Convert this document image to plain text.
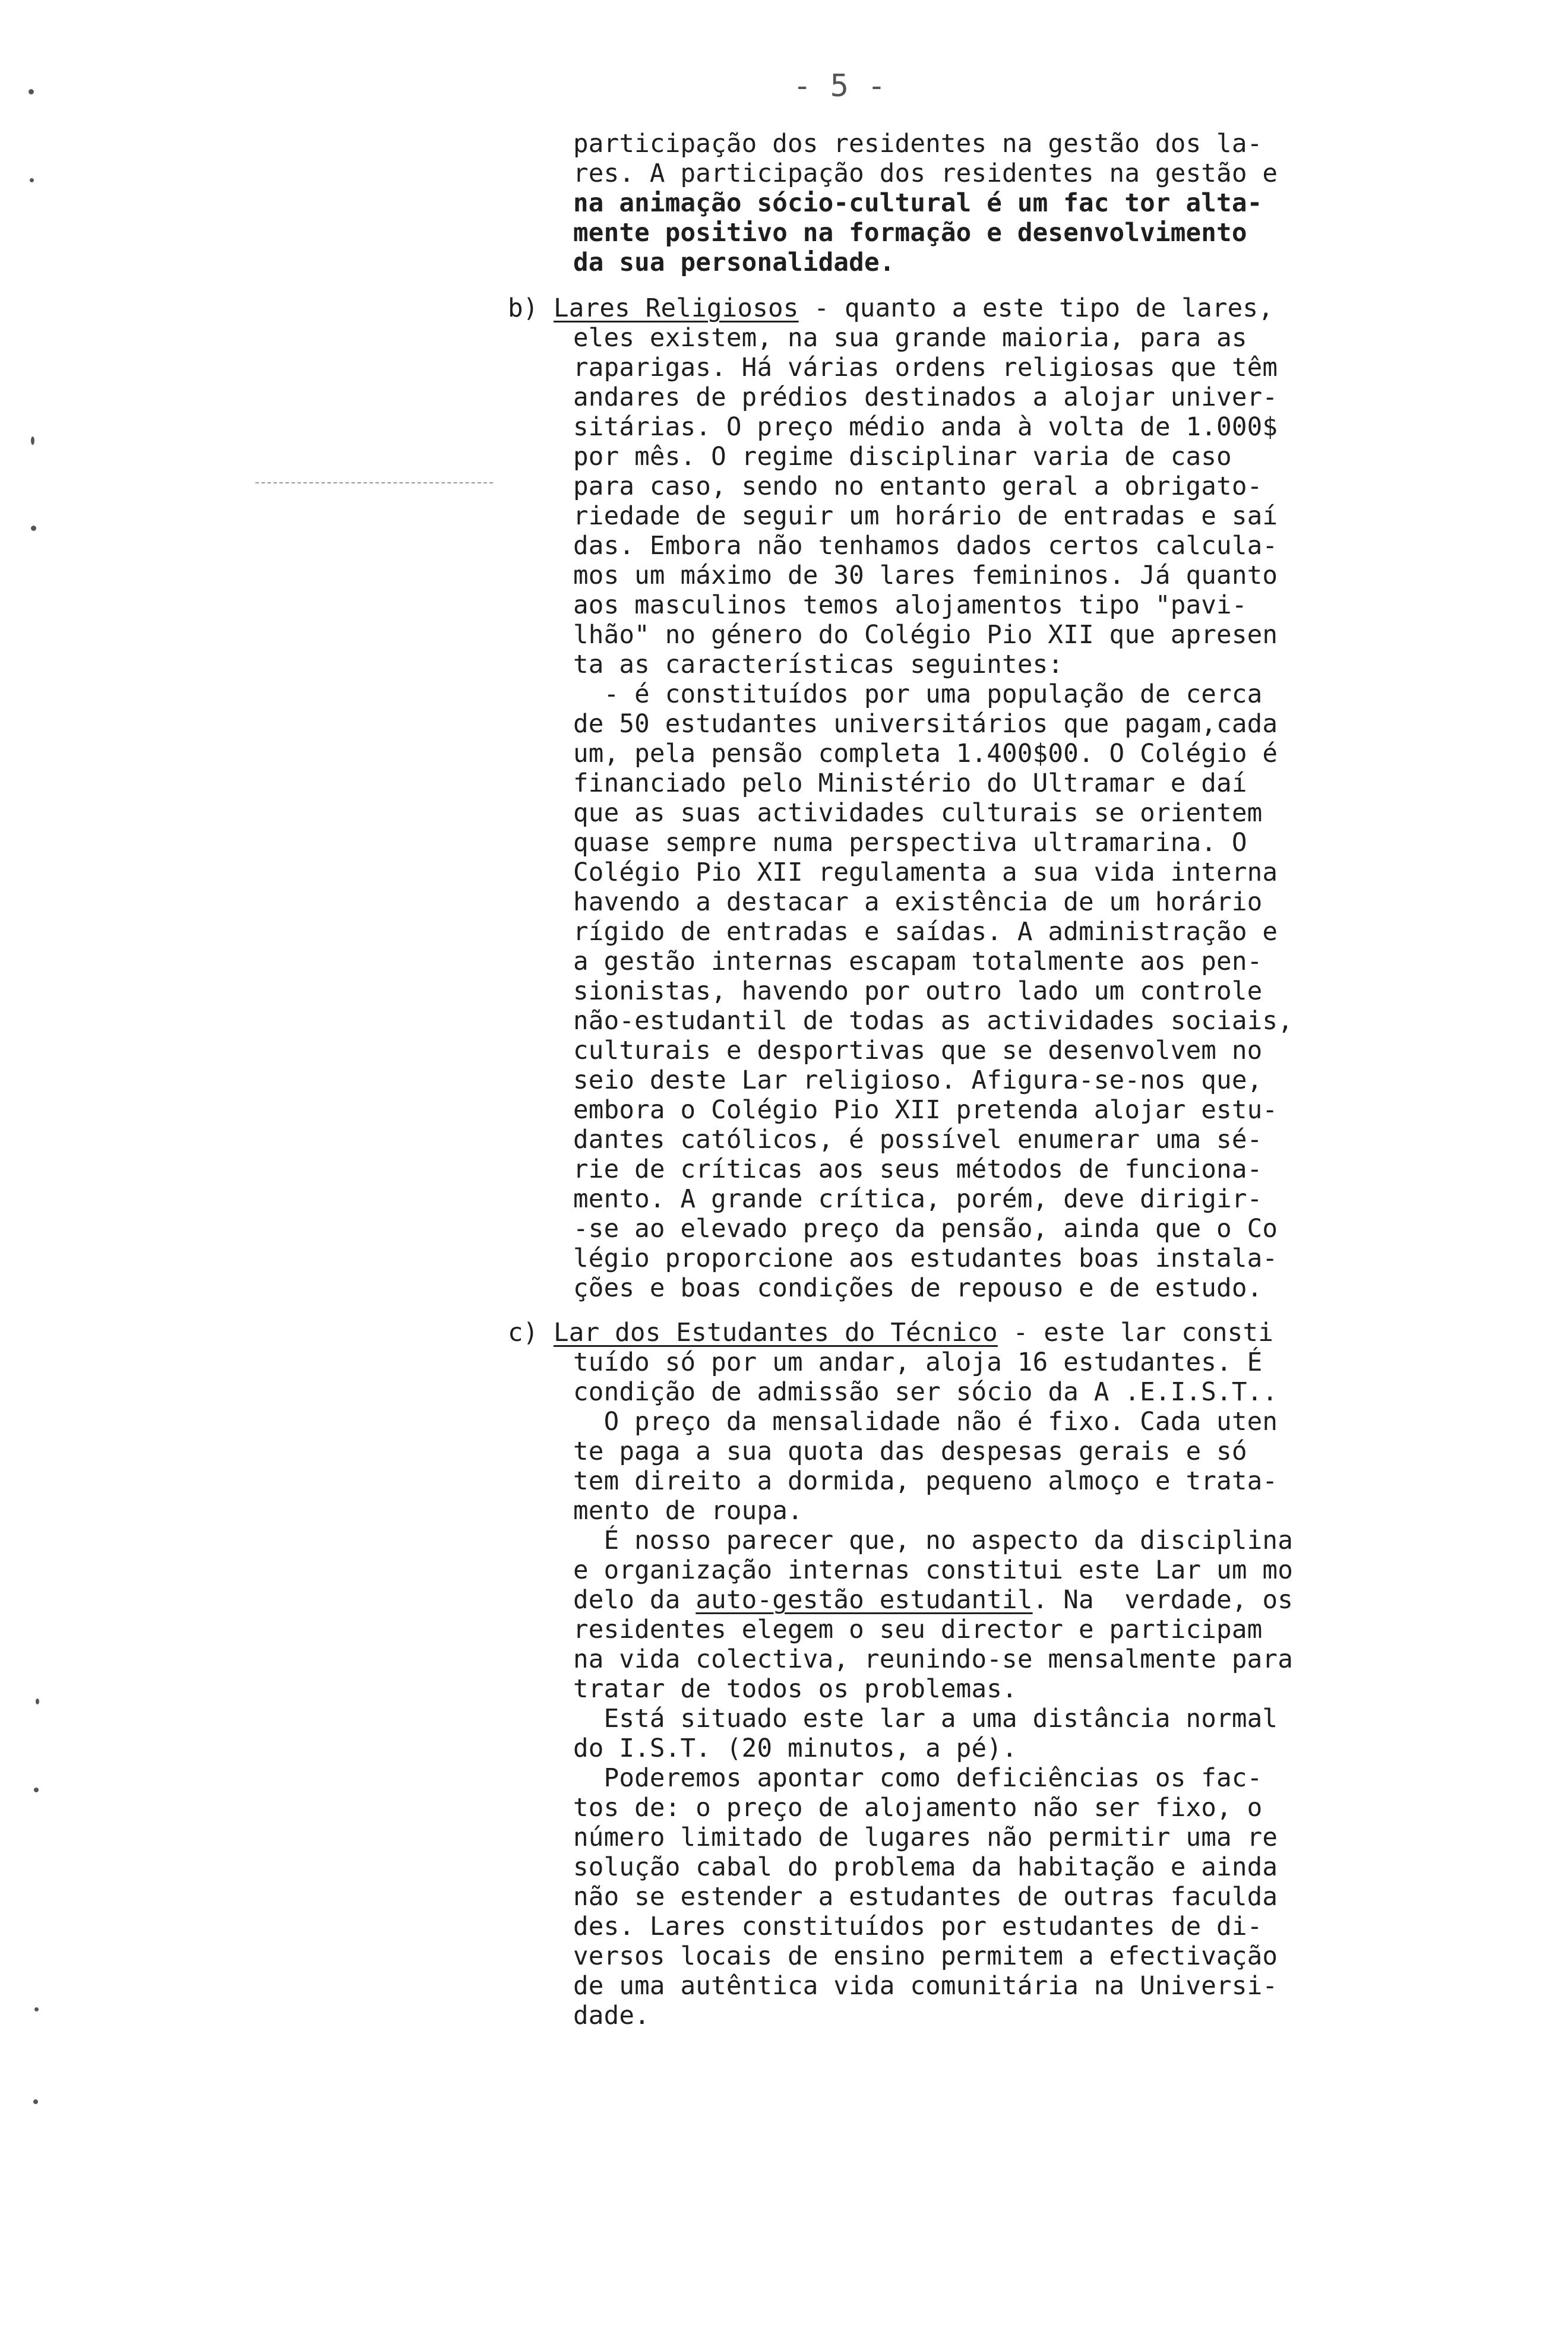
- 5 -
participação dos residentes na gestão dos la-
res. A participação dos residentes na gestão e
na animação sócio-cultural é um fac tor alta-
mente positivo na formação e desenvolvimento
da sua personalidade.
b) Lares Religiosos - quanto a este tipo de lares,
eles existem, na sua grande maioria, para as
raparigas. Há várias ordens religiosas que têm
andares de prédios destinados a alojar univer-
sitárias. O preço médio anda à volta de 1.000$
por mês. O regime disciplinar varia de caso
para caso, sendo no entanto geral a obrigato-
riedade de seguir um horário de entradas e saí
das. Embora não tenhamos dados certos calcula-
mos um máximo de 30 lares femininos. Já quanto
aos masculinos temos alojamentos tipo "pavi-
lhão" no género do Colégio Pio XII que apresen
ta as características seguintes:
- é constituídos por uma população de cerca
de 50 estudantes universitários que pagam,cada
um, pela pensão completa 1.400$00. O Colégio é
financiado pelo Ministério do Ultramar e daí
que as suas actividades culturais se orientem
quase sempre numa perspectiva ultramarina. O
Colégio Pio XII regulamenta a sua vida interna
havendo a destacar a existência de um horário
rígido de entradas e saídas. A administração e
a gestão internas escapam totalmente aos pen-
sionistas, havendo por outro lado um controle
não-estudantil de todas as actividades sociais,
culturais e desportivas que se desenvolvem no
seio deste Lar religioso. Afigura-se-nos que,
embora o Colégio Pio XII pretenda alojar estu-
dantes católicos, é possível enumerar uma sé-
rie de críticas aos seus métodos de funciona-
mento. A grande crítica, porém, deve dirigir-
-se ao elevado preço da pensão, ainda que o Co
légio proporcione aos estudantes boas instala-
ções e boas condições de repouso e de estudo.
c) Lar dos Estudantes do Técnico - este lar consti
tuído só por um andar, aloja 16 estudantes. É
condição de admissão ser sócio da A .E.I.S.T..
O preço da mensalidade não é fixo. Cada uten
te paga a sua quota das despesas gerais e só
tem direito a dormida, pequeno almoço e trata-
mento de roupa.
É nosso parecer que, no aspecto da disciplina
e organização internas constitui este Lar um mo
delo da auto-gestão estudantil. Na  verdade, os
residentes elegem o seu director e participam
na vida colectiva, reunindo-se mensalmente para
tratar de todos os problemas.
Está situado este lar a uma distância normal
do I.S.T. (20 minutos, a pé).
Poderemos apontar como deficiências os fac-
tos de: o preço de alojamento não ser fixo, o
número limitado de lugares não permitir uma re
solução cabal do problema da habitação e ainda
não se estender a estudantes de outras faculda
des. Lares constituídos por estudantes de di-
versos locais de ensino permitem a efectivação
de uma autêntica vida comunitária na Universi-
dade.
